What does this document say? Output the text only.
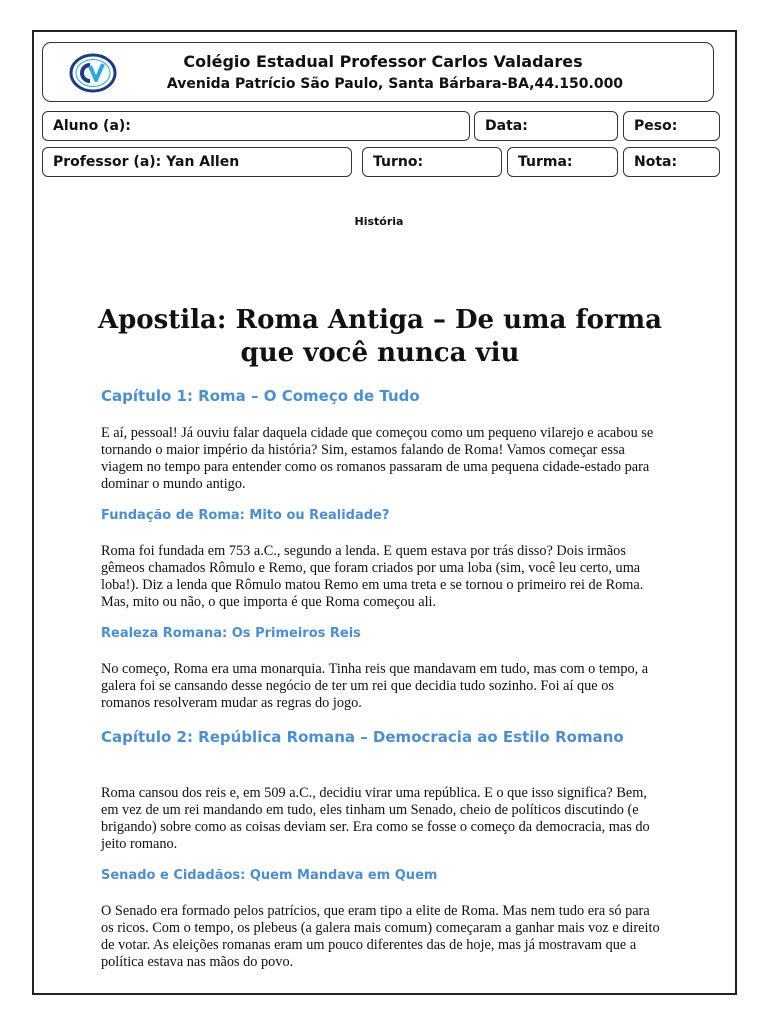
Colégio Estadual Professor Carlos Valadares
Avenida Patrício São Paulo, Santa Bárbara-BA,44.150.000
Aluno (a):	Data:	Peso:
Professor (a): Yan Allen	Turno:	Turma:	Nota:
História
Apostila: Roma Antiga – De uma forma que você nunca viu
Capítulo 1: Roma – O Começo de Tudo
E aí, pessoal! Já ouviu falar daquela cidade que começou como um pequeno vilarejo e acabou se tornando o maior império da história? Sim, estamos falando de Roma! Vamos começar essa viagem no tempo para entender como os romanos passaram de uma pequena cidade-estado para dominar o mundo antigo.
Fundação de Roma: Mito ou Realidade?
Roma foi fundada em 753 a.C., segundo a lenda. E quem estava por trás disso? Dois irmãos gêmeos chamados Rômulo e Remo, que foram criados por uma loba (sim, você leu certo, uma loba!). Diz a lenda que Rômulo matou Remo em uma treta e se tornou o primeiro rei de Roma. Mas, mito ou não, o que importa é que Roma começou ali.
Realeza Romana: Os Primeiros Reis
No começo, Roma era uma monarquia. Tinha reis que mandavam em tudo, mas com o tempo, a galera foi se cansando desse negócio de ter um rei que decidia tudo sozinho. Foi aí que os romanos resolveram mudar as regras do jogo.
Capítulo 2: República Romana – Democracia ao Estilo Romano
Roma cansou dos reis e, em 509 a.C., decidiu virar uma república. E o que isso significa? Bem, em vez de um rei mandando em tudo, eles tinham um Senado, cheio de políticos discutindo (e brigando) sobre como as coisas deviam ser. Era como se fosse o começo da democracia, mas do jeito romano.
Senado e Cidadãos: Quem Mandava em Quem
O Senado era formado pelos patrícios, que eram tipo a elite de Roma. Mas nem tudo era só para os ricos. Com o tempo, os plebeus (a galera mais comum) começaram a ganhar mais voz e direito de votar. As eleições romanas eram um pouco diferentes das de hoje, mas já mostravam que a política estava nas mãos do povo.
